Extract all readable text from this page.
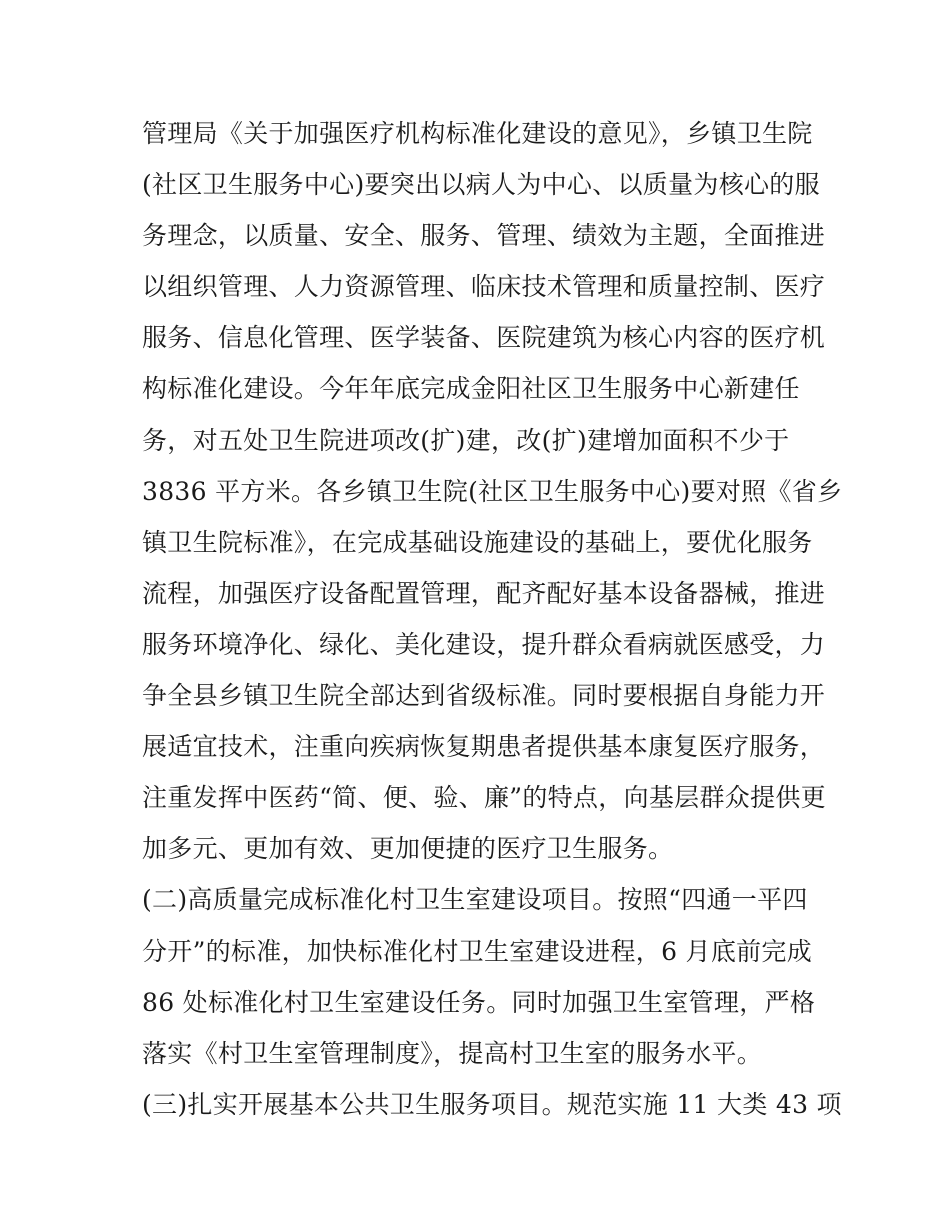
管理局《关于加强医疗机构标准化建设的意见》，乡镇卫生院
(社区卫生服务中心)要突出以病人为中心、以质量为核心的服
务理念，以质量、安全、服务、管理、绩效为主题，全面推进
以组织管理、人力资源管理、临床技术管理和质量控制、医疗
服务、信息化管理、医学装备、医院建筑为核心内容的医疗机
构标准化建设。今年年底完成金阳社区卫生服务中心新建任
务，对五处卫生院进项改(扩)建，改(扩)建增加面积不少于
3836 平方米。各乡镇卫生院(社区卫生服务中心)要对照《省乡
镇卫生院标准》，在完成基础设施建设的基础上，要优化服务
流程，加强医疗设备配置管理，配齐配好基本设备器械，推进
服务环境净化、绿化、美化建设，提升群众看病就医感受，力
争全县乡镇卫生院全部达到省级标准。同时要根据自身能力开
展适宜技术，注重向疾病恢复期患者提供基本康复医疗服务，
注重发挥中医药“简、便、验、廉”的特点，向基层群众提供更
加多元、更加有效、更加便捷的医疗卫生服务。
(二)高质量完成标准化村卫生室建设项目。按照“四通一平四
分开”的标准，加快标准化村卫生室建设进程，6 月底前完成
86 处标准化村卫生室建设任务。同时加强卫生室管理，严格
落实《村卫生室管理制度》，提高村卫生室的服务水平。
(三)扎实开展基本公共卫生服务项目。规范实施 11 大类 43 项
